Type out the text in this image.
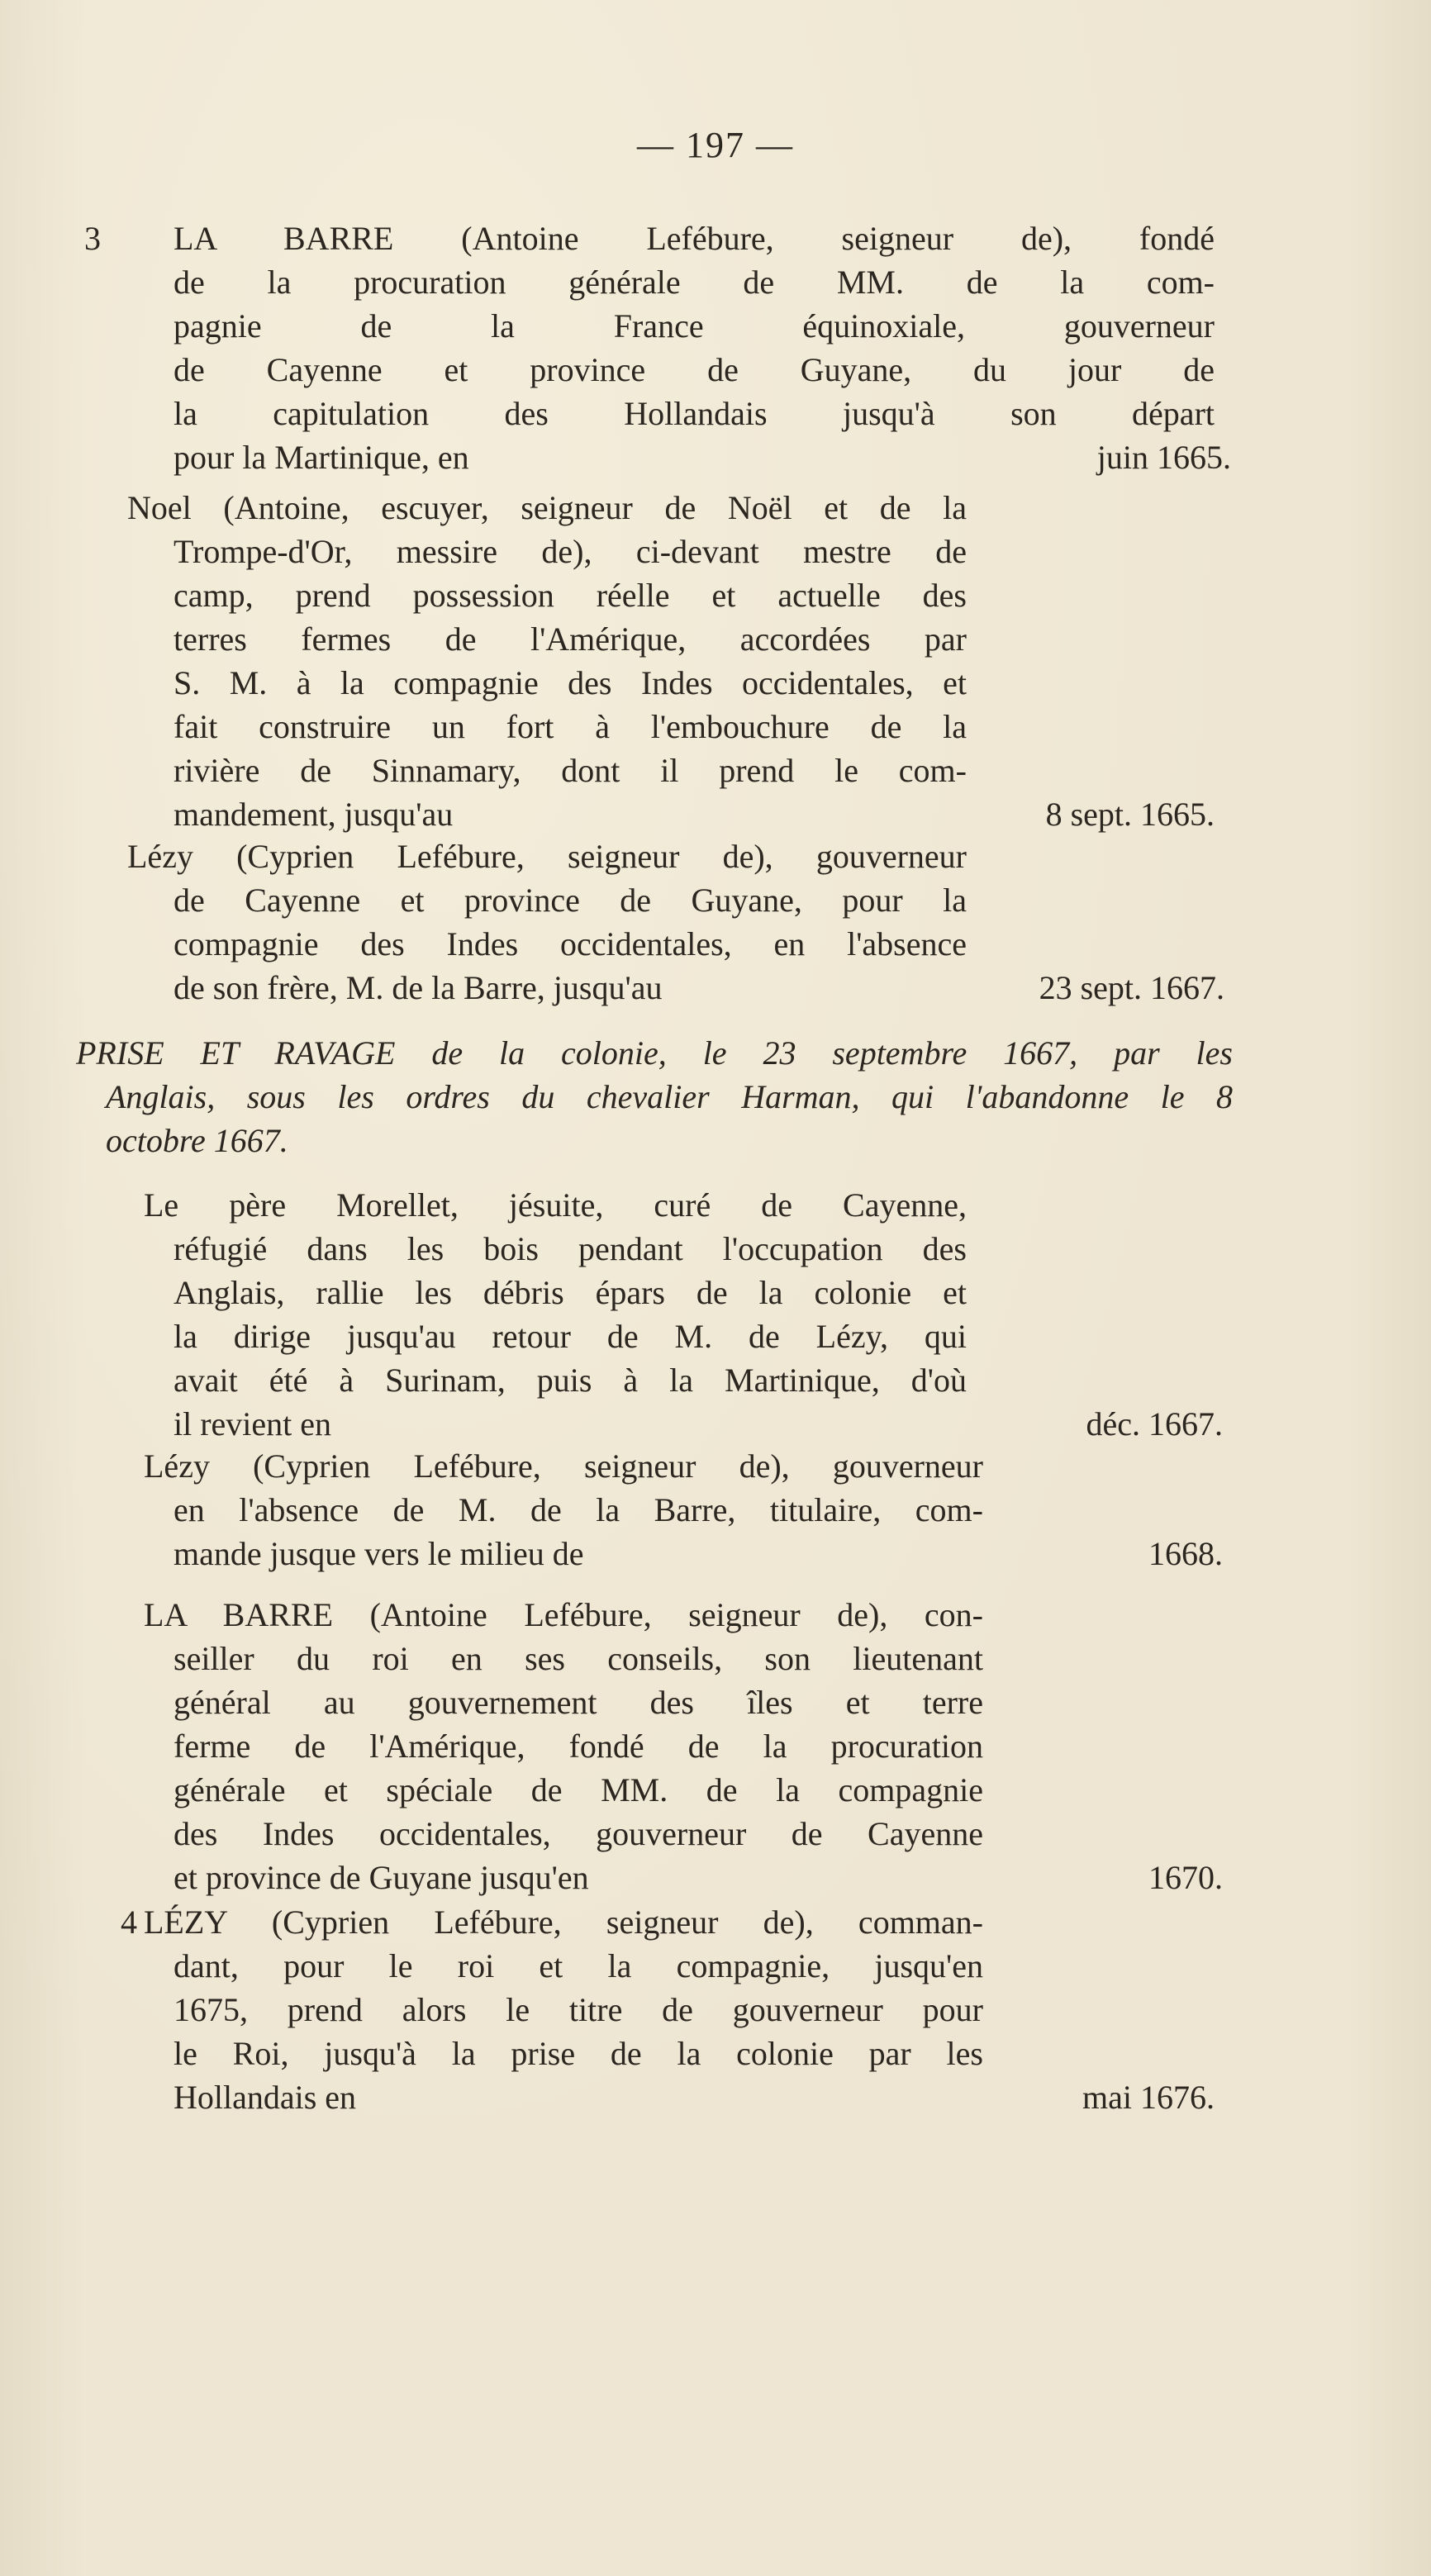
— 197 —
3 LA BARRE (Antoine Lefébure, seigneur de), fondé
de la procuration générale de MM. de la com-
pagnie de la France équinoxiale, gouverneur
de Cayenne et province de Guyane, du jour de
la capitulation des Hollandais jusqu'à son départ
pour la Martinique, en	juin 1665.
Noel (Antoine, escuyer, seigneur de Noël et de la
Trompe-d'Or, messire de), ci-devant mestre de
camp, prend possession réelle et actuelle des
terres fermes de l'Amérique, accordées par
S. M. à la compagnie des Indes occidentales, et
fait construire un fort à l'embouchure de la
rivière de Sinnamary, dont il prend le com-
mandement, jusqu'au	8 sept. 1665.
Lézy (Cyprien Lefébure, seigneur de), gouverneur
de Cayenne et province de Guyane, pour la
compagnie des Indes occidentales, en l'absence
de son frère, M. de la Barre, jusqu'au	23 sept. 1667.
PRISE ET RAVAGE de la colonie, le 23 septembre 1667, par les
Anglais, sous les ordres du chevalier Harman, qui l'abandonne le 8
octobre 1667.
Le père Morellet, jésuite, curé de Cayenne,
réfugié dans les bois pendant l'occupation des
Anglais, rallie les débris épars de la colonie et
la dirige jusqu'au retour de M. de Lézy, qui
avait été à Surinam, puis à la Martinique, d'où
il revient en	déc. 1667.
Lézy (Cyprien Lefébure, seigneur de), gouverneur
en l'absence de M. de la Barre, titulaire, com-
mande jusque vers le milieu de	1668.
LA BARRE (Antoine Lefébure, seigneur de), con-
seiller du roi en ses conseils, son lieutenant
général au gouvernement des îles et terre
ferme de l'Amérique, fondé de la procuration
générale et spéciale de MM. de la compagnie
des Indes occidentales, gouverneur de Cayenne
et province de Guyane jusqu'en	1670.
4 LÉZY (Cyprien Lefébure, seigneur de), comman-
dant, pour le roi et la compagnie, jusqu'en
1675, prend alors le titre de gouverneur pour
le Roi, jusqu'à la prise de la colonie par les
Hollandais en	mai 1676.
